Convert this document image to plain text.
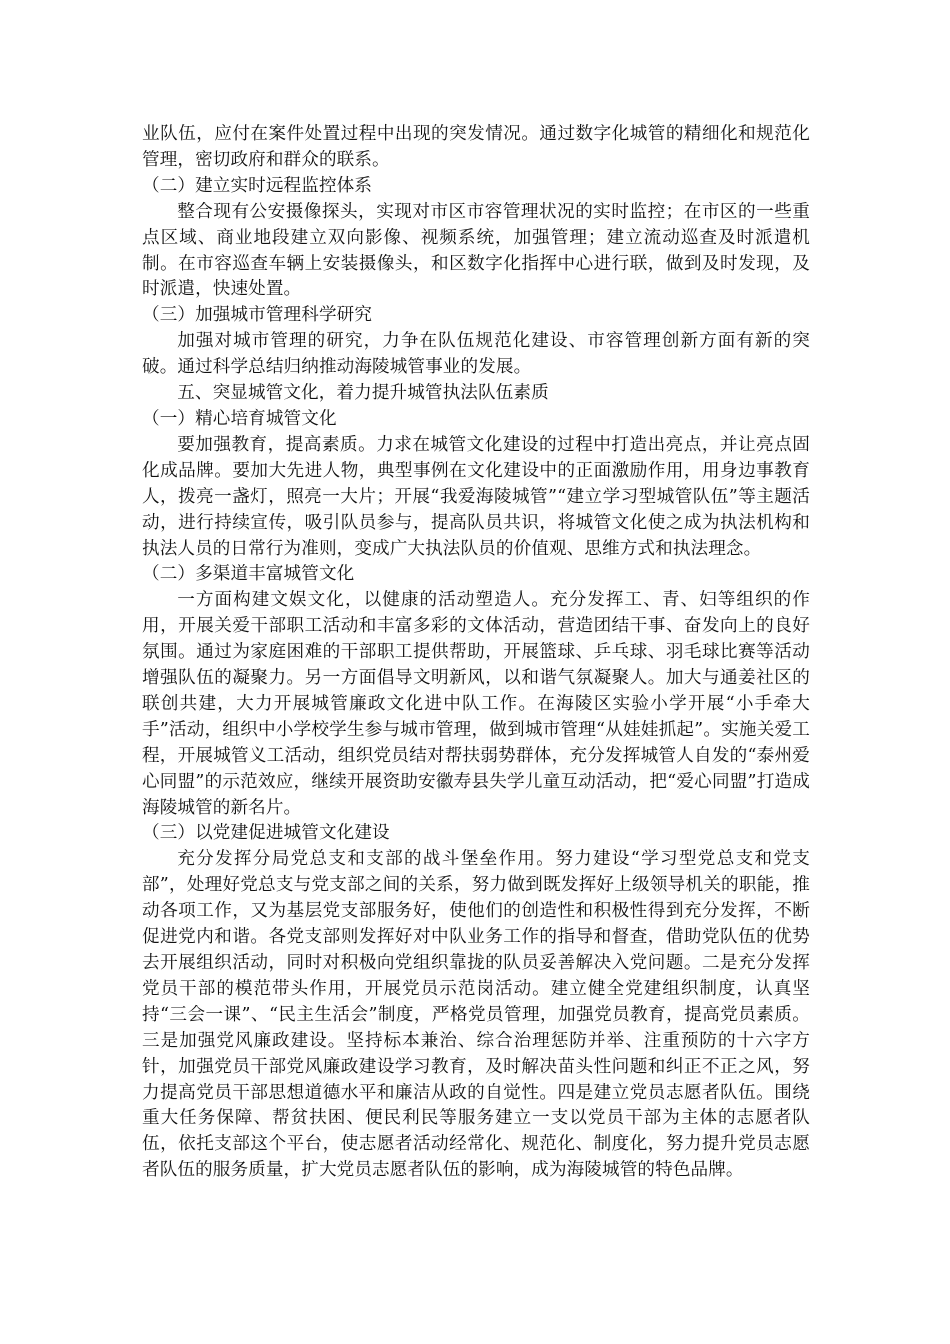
业队伍，应付在案件处置过程中出现的突发情况。通过数字化城管的精细化和规范化管理，密切政府和群众的联系。

（二）建立实时远程监控体系

整合现有公安摄像探头，实现对市区市容管理状况的实时监控；在市区的一些重点区域、商业地段建立双向影像、视频系统，加强管理；建立流动巡查及时派遣机制。在市容巡查车辆上安装摄像头，和区数字化指挥中心进行联，做到及时发现，及时派遣，快速处置。

（三）加强城市管理科学研究

加强对城市管理的研究，力争在队伍规范化建设、市容管理创新方面有新的突破。通过科学总结归纳推动海陵城管事业的发展。

五、突显城管文化，着力提升城管执法队伍素质

（一）精心培育城管文化

要加强教育，提高素质。力求在城管文化建设的过程中打造出亮点，并让亮点固化成品牌。要加大先进人物，典型事例在文化建设中的正面激励作用，用身边事教育人，拨亮一盏灯，照亮一大片；开展“我爱海陵城管”“建立学习型城管队伍”等主题活动，进行持续宣传，吸引队员参与，提高队员共识，将城管文化使之成为执法机构和执法人员的日常行为准则，变成广大执法队员的价值观、思维方式和执法理念。

（二）多渠道丰富城管文化

一方面构建文娱文化，以健康的活动塑造人。充分发挥工、青、妇等组织的作用，开展关爱干部职工活动和丰富多彩的文体活动，营造团结干事、奋发向上的良好氛围。通过为家庭困难的干部职工提供帮助，开展篮球、乒乓球、羽毛球比赛等活动增强队伍的凝聚力。另一方面倡导文明新风，以和谐气氛凝聚人。加大与通姜社区的联创共建，大力开展城管廉政文化进中队工作。在海陵区实验小学开展“小手牵大手”活动，组织中小学校学生参与城市管理，做到城市管理“从娃娃抓起”。实施关爱工程，开展城管义工活动，组织党员结对帮扶弱势群体，充分发挥城管人自发的“泰州爱心同盟”的示范效应，继续开展资助安徽寿县失学儿童互动活动，把“爱心同盟”打造成海陵城管的新名片。

（三）以党建促进城管文化建设

充分发挥分局党总支和支部的战斗堡垒作用。努力建设“学习型党总支和党支部”，处理好党总支与党支部之间的关系，努力做到既发挥好上级领导机关的职能，推动各项工作，又为基层党支部服务好，使他们的创造性和积极性得到充分发挥，不断促进党内和谐。各党支部则发挥好对中队业务工作的指导和督查，借助党队伍的优势去开展组织活动，同时对积极向党组织靠拢的队员妥善解决入党问题。二是充分发挥党员干部的模范带头作用，开展党员示范岗活动。建立健全党建组织制度，认真坚持“三会一课”、“民主生活会”制度，严格党员管理，加强党员教育，提高党员素质。三是加强党风廉政建设。坚持标本兼治、综合治理惩防并举、注重预防的十六字方针，加强党员干部党风廉政建设学习教育，及时解决苗头性问题和纠正不正之风，努力提高党员干部思想道德水平和廉洁从政的自觉性。四是建立党员志愿者队伍。围绕重大任务保障、帮贫扶困、便民利民等服务建立一支以党员干部为主体的志愿者队伍，依托支部这个平台，使志愿者活动经常化、规范化、制度化，努力提升党员志愿者队伍的服务质量，扩大党员志愿者队伍的影响，成为海陵城管的特色品牌。
